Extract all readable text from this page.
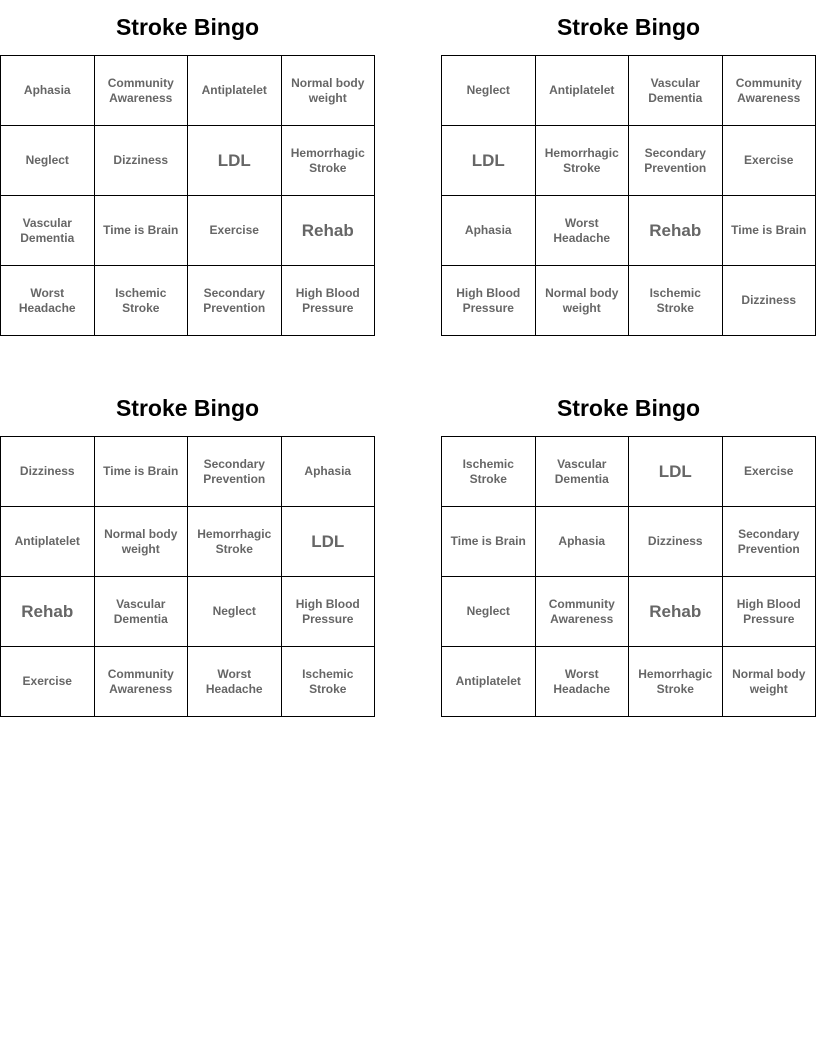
Stroke Bingo
Aphasia	Community Awareness	Antiplatelet	Normal body weight
Neglect	Dizziness	LDL	Hemorrhagic Stroke
Vascular Dementia	Time is Brain	Exercise	Rehab
Worst Headache	Ischemic Stroke	Secondary Prevention	High Blood Pressure
Stroke Bingo
Neglect	Antiplatelet	Vascular Dementia	Community Awareness
LDL	Hemorrhagic Stroke	Secondary Prevention	Exercise
Aphasia	Worst Headache	Rehab	Time is Brain
High Blood Pressure	Normal body weight	Ischemic Stroke	Dizziness
Stroke Bingo
Dizziness	Time is Brain	Secondary Prevention	Aphasia
Antiplatelet	Normal body weight	Hemorrhagic Stroke	LDL
Rehab	Vascular Dementia	Neglect	High Blood Pressure
Exercise	Community Awareness	Worst Headache	Ischemic Stroke
Stroke Bingo
Ischemic Stroke	Vascular Dementia	LDL	Exercise
Time is Brain	Aphasia	Dizziness	Secondary Prevention
Neglect	Community Awareness	Rehab	High Blood Pressure
Antiplatelet	Worst Headache	Hemorrhagic Stroke	Normal body weight
